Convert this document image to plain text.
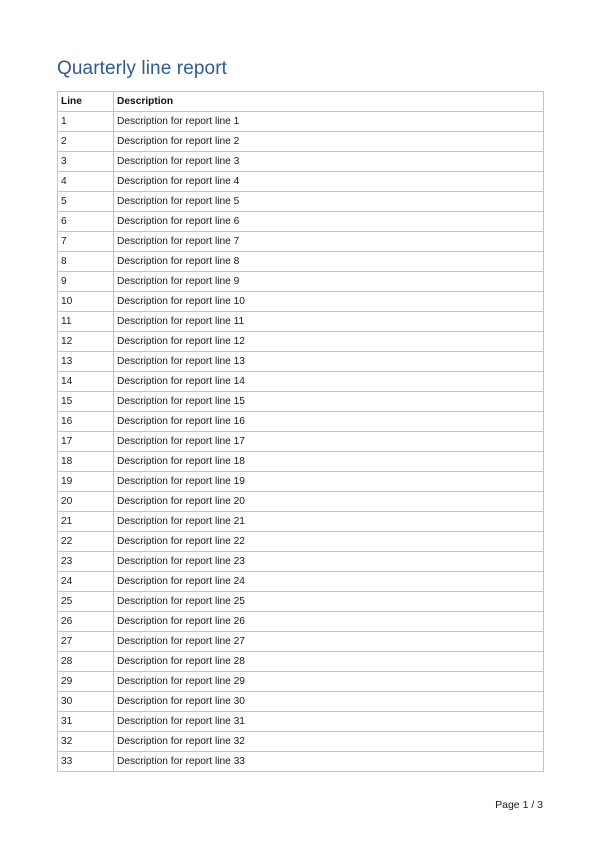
Quarterly line report
Line	Description
1	Description for report line 1
2	Description for report line 2
3	Description for report line 3
4	Description for report line 4
5	Description for report line 5
6	Description for report line 6
7	Description for report line 7
8	Description for report line 8
9	Description for report line 9
10	Description for report line 10
11	Description for report line 11
12	Description for report line 12
13	Description for report line 13
14	Description for report line 14
15	Description for report line 15
16	Description for report line 16
17	Description for report line 17
18	Description for report line 18
19	Description for report line 19
20	Description for report line 20
21	Description for report line 21
22	Description for report line 22
23	Description for report line 23
24	Description for report line 24
25	Description for report line 25
26	Description for report line 26
27	Description for report line 27
28	Description for report line 28
29	Description for report line 29
30	Description for report line 30
31	Description for report line 31
32	Description for report line 32
33	Description for report line 33
Page 1 / 3
